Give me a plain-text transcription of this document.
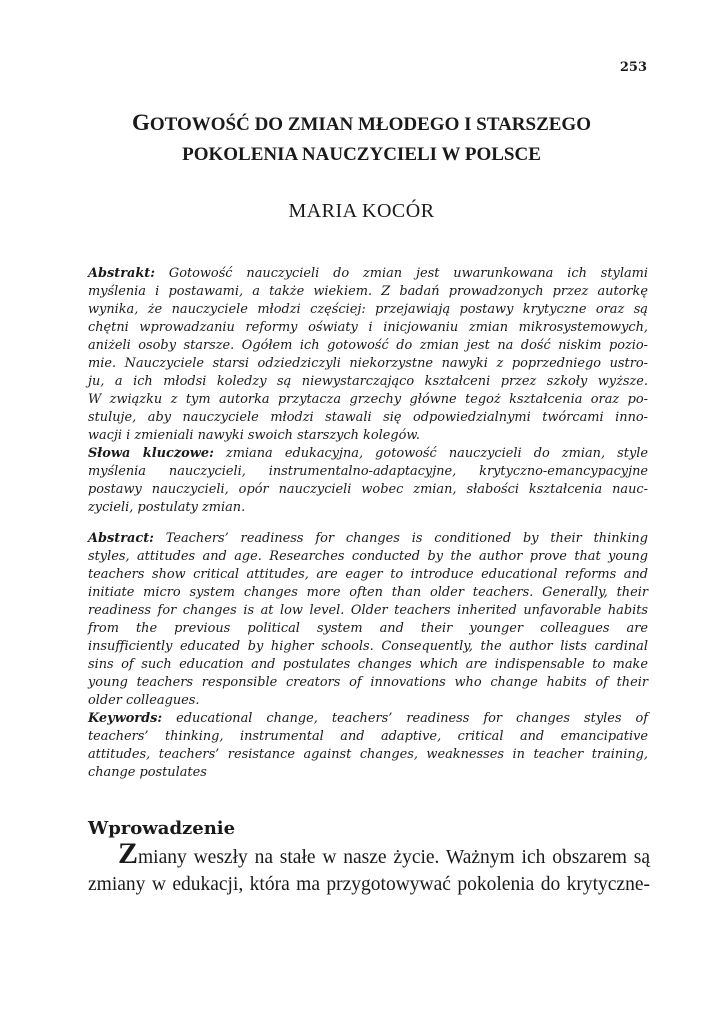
253
GOTOWOŚĆ DO ZMIAN MŁODEGO I STARSZEGO
POKOLENIA NAUCZYCIELI W POLSCE
MARIA KOCÓR
Abstrakt: Gotowość nauczycieli do zmian jest uwarunkowana ich stylami
myślenia i postawami, a także wiekiem. Z badań prowadzonych przez autorkę
wynika, że nauczyciele młodzi częściej: przejawiają postawy krytyczne oraz są
chętni wprowadzaniu reformy oświaty i inicjowaniu zmian mikrosystemowych,
aniżeli osoby starsze. Ogółem ich gotowość do zmian jest na dość niskim pozio-
mie. Nauczyciele starsi odziedziczyli niekorzystne nawyki z poprzedniego ustro-
ju, a ich młodsi koledzy są niewystarczająco kształceni przez szkoły wyższe.
W związku z tym autorka przytacza grzechy główne tegoż kształcenia oraz po-
stuluje, aby nauczyciele młodzi stawali się odpowiedzialnymi twórcami inno-
wacji i zmieniali nawyki swoich starszych kolegów.
Słowa kluczowe: zmiana edukacyjna, gotowość nauczycieli do zmian, style
myślenia nauczycieli, instrumentalno-adaptacyjne, krytyczno-emancypacyjne
postawy nauczycieli, opór nauczycieli wobec zmian, słabości kształcenia nauc-
zycieli, postulaty zmian.
Abstract: Teachers’ readiness for changes is conditioned by their thinking
styles, attitudes and age. Researches conducted by the author prove that young
teachers show critical attitudes, are eager to introduce educational reforms and
initiate micro system changes more often than older teachers. Generally, their
readiness for changes is at low level. Older teachers inherited unfavorable habits
from the previous political system and their younger colleagues are
insufficiently educated by higher schools. Consequently, the author lists cardinal
sins of such education and postulates changes which are indispensable to make
young teachers responsible creators of innovations who change habits of their
older colleagues.
Keywords: educational change, teachers’ readiness for changes styles of
teachers’ thinking, instrumental and adaptive, critical and emancipative
attitudes, teachers’ resistance against changes, weaknesses in teacher training,
change postulates
Wprowadzenie
Zmiany weszły na stałe w nasze życie. Ważnym ich obszarem są
zmiany w edukacji, która ma przygotowywać pokolenia do krytyczne-
